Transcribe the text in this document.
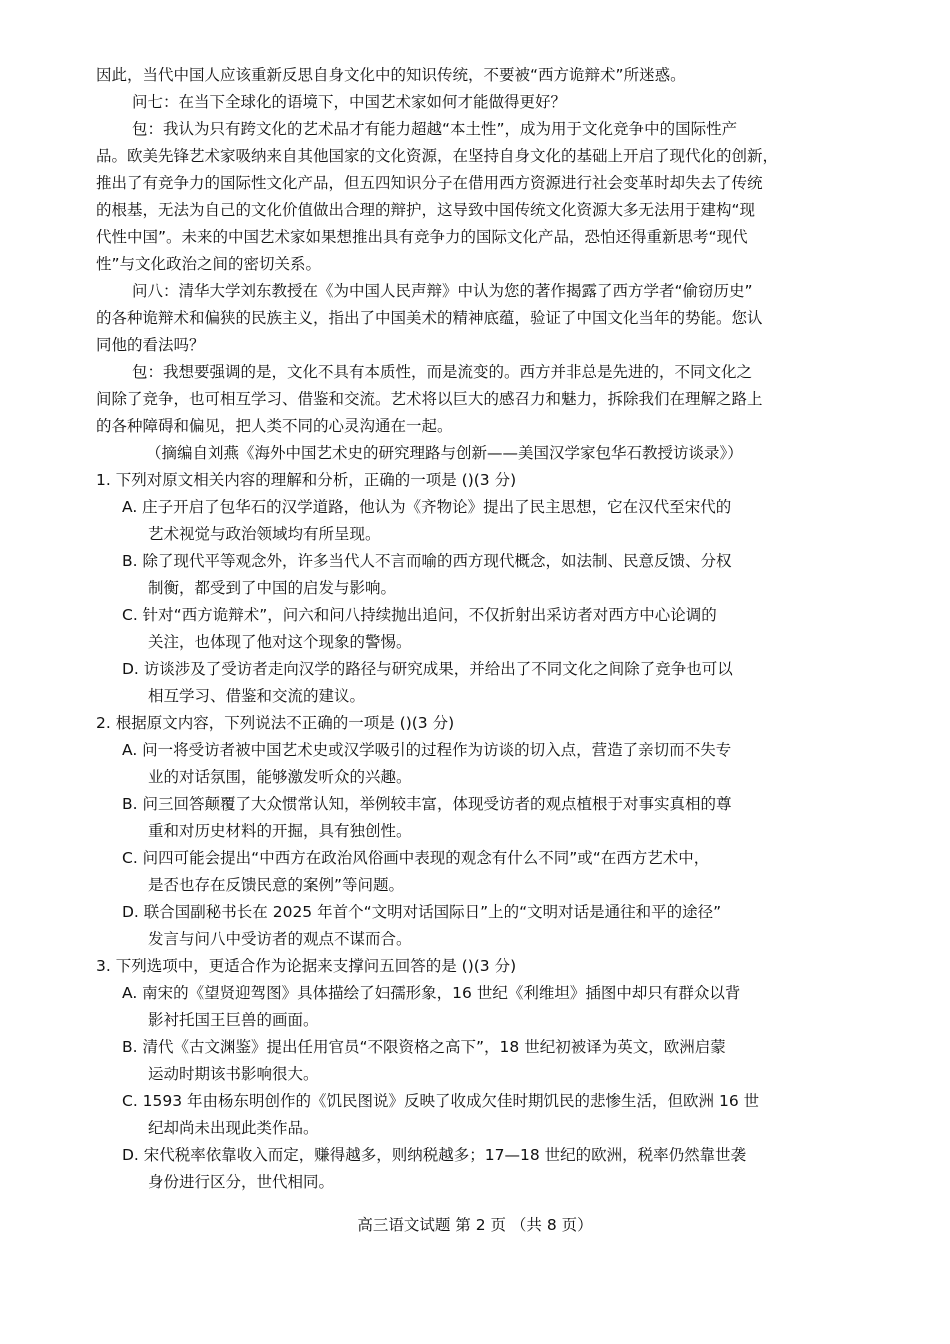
因此，当代中国人应该重新反思自身文化中的知识传统，不要被“西方诡辩术”所迷惑。
问七：在当下全球化的语境下，中国艺术家如何才能做得更好？
包：我认为只有跨文化的艺术品才有能力超越“本土性”，成为用于文化竞争中的国际性产
品。欧美先锋艺术家吸纳来自其他国家的文化资源，在坚持自身文化的基础上开启了现代化的创新，
推出了有竞争力的国际性文化产品，但五四知识分子在借用西方资源进行社会变革时却失去了传统
的根基，无法为自己的文化价值做出合理的辩护，这导致中国传统文化资源大多无法用于建构“现
代性中国”。未来的中国艺术家如果想推出具有竞争力的国际文化产品，恐怕还得重新思考“现代
性”与文化政治之间的密切关系。
问八：清华大学刘东教授在《为中国人民声辩》中认为您的著作揭露了西方学者“偷窃历史”
的各种诡辩术和偏狭的民族主义，指出了中国美术的精神底蕴，验证了中国文化当年的势能。您认
同他的看法吗？
包：我想要强调的是，文化不具有本质性，而是流变的。西方并非总是先进的，不同文化之
间除了竞争，也可相互学习、借鉴和交流。艺术将以巨大的感召力和魅力，拆除我们在理解之路上
的各种障碍和偏见，把人类不同的心灵沟通在一起。
（摘编自刘燕《海外中国艺术史的研究理路与创新——美国汉学家包华石教授访谈录》）
1. 下列对原文相关内容的理解和分析，正确的一项是 ()(3 分)
A. 庄子开启了包华石的汉学道路，他认为《齐物论》提出了民主思想，它在汉代至宋代的
艺术视觉与政治领域均有所呈现。
B. 除了现代平等观念外，许多当代人不言而喻的西方现代概念，如法制、民意反馈、分权
制衡，都受到了中国的启发与影响。
C. 针对“西方诡辩术”，问六和问八持续抛出追问，不仅折射出采访者对西方中心论调的
关注，也体现了他对这个现象的警惕。
D. 访谈涉及了受访者走向汉学的路径与研究成果，并给出了不同文化之间除了竞争也可以
相互学习、借鉴和交流的建议。
2. 根据原文内容，下列说法不正确的一项是 ()(3 分)
A. 问一将受访者被中国艺术史或汉学吸引的过程作为访谈的切入点，营造了亲切而不失专
业的对话氛围，能够激发听众的兴趣。
B. 问三回答颠覆了大众惯常认知，举例较丰富，体现受访者的观点植根于对事实真相的尊
重和对历史材料的开掘，具有独创性。
C. 问四可能会提出“中西方在政治风俗画中表现的观念有什么不同”或“在西方艺术中，
是否也存在反馈民意的案例”等问题。
D. 联合国副秘书长在 2025 年首个“文明对话国际日”上的“文明对话是通往和平的途径”
发言与问八中受访者的观点不谋而合。
3. 下列选项中，更适合作为论据来支撑问五回答的是 ()(3 分)
A. 南宋的《望贤迎驾图》具体描绘了妇孺形象，16 世纪《利维坦》插图中却只有群众以背
影衬托国王巨兽的画面。
B. 清代《古文渊鉴》提出任用官员“不限资格之高下”，18 世纪初被译为英文，欧洲启蒙
运动时期该书影响很大。
C. 1593 年由杨东明创作的《饥民图说》反映了收成欠佳时期饥民的悲惨生活，但欧洲 16 世
纪却尚未出现此类作品。
D. 宋代税率依靠收入而定，赚得越多，则纳税越多；17—18 世纪的欧洲，税率仍然靠世袭
身份进行区分，世代相同。
高三语文试题 第 2 页 （共 8 页）
